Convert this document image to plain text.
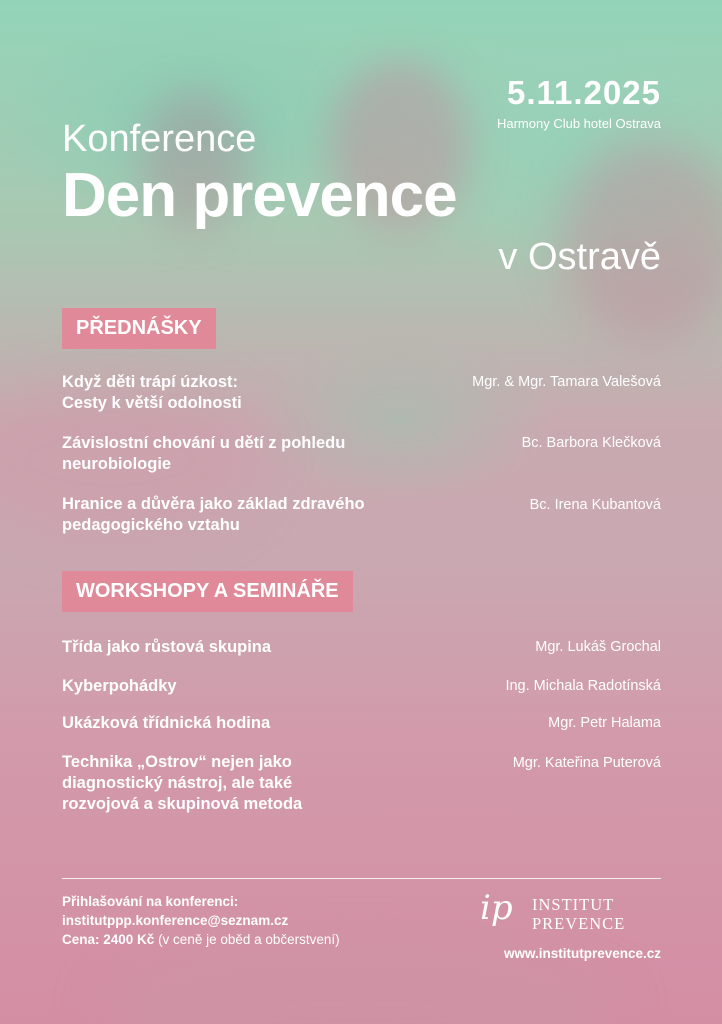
5.11.2025
Harmony Club hotel Ostrava
Konference
Den prevence
v Ostravě
PŘEDNÁŠKY
Když děti trápí úzkost:
Cesty k větší odolnosti
Mgr. & Mgr. Tamara Valešová
Závislostní chování u dětí z pohledu
neurobiologie
Bc. Barbora Klečková
Hranice a důvěra jako základ zdravého
pedagogického vztahu
Bc. Irena Kubantová
WORKSHOPY A SEMINÁŘE
Třída jako růstová skupina	Mgr. Lukáš Grochal
Kyberpohádky	Ing. Michala Radotínská
Ukázková třídnická hodina	Mgr. Petr Halama
Technika „Ostrov“ nejen jako
diagnostický nástroj, ale také
rozvojová a skupinová metoda
Mgr. Kateřina Puterová
Přihlašování na konferenci:
institutppp.konference@seznam.cz
Cena: 2400 Kč (v ceně je oběd a občerstvení)
ip INSTITUT
PREVENCE
www.institutprevence.cz
